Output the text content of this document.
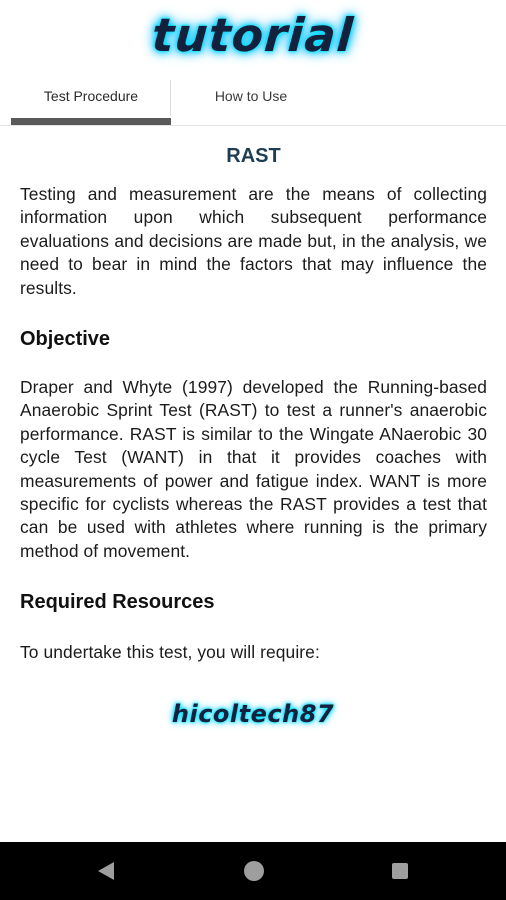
tutorial
Test Procedure	How to Use
RAST

Testing and measurement are the means of collecting information upon which subsequent performance evaluations and decisions are made but, in the analysis, we need to bear in mind the factors that may influence the results.

Objective

Draper and Whyte (1997) developed the Running-based Anaerobic Sprint Test (RAST) to test a runner's anaerobic performance. RAST is similar to the Wingate ANaerobic 30 cycle Test (WANT) in that it provides coaches with measurements of power and fatigue index. WANT is more specific for cyclists whereas the RAST provides a test that can be used with athletes where running is the primary method of movement.

Required Resources

To undertake this test, you will require:

hicoltech87
